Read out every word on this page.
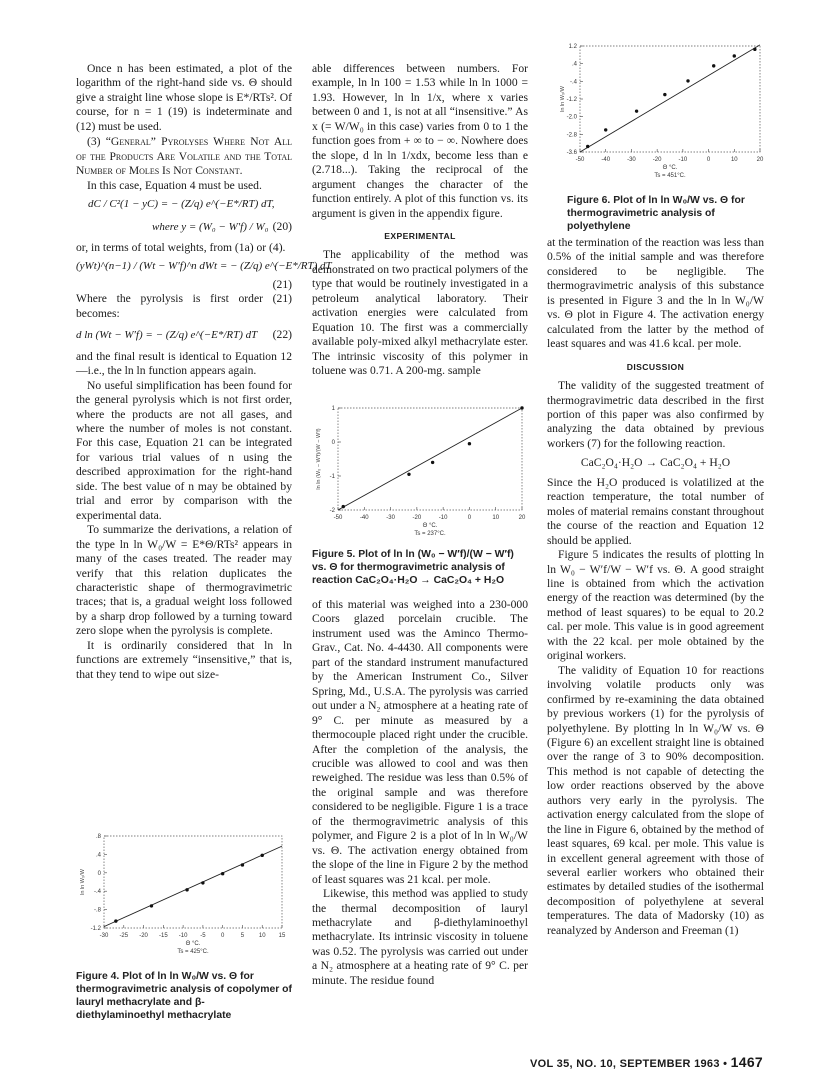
Once n has been estimated, a plot of the logarithm of the right-hand side vs. Θ should give a straight line whose slope is E*/RTs². Of course, for n = 1 (19) is indeterminate and (12) must be used.

(3) “General” Pyrolyses Where Not All of the Products Are Volatile and the Total Number of Moles Is Not Constant.

In this case, Equation 4 must be used.

dC / C²(1 − yC) = − (Z/q) e^(−E*/RT) dT,
where y = (W₀ − W′f) / W₀ (20)

or, in terms of total weights, from (1a) or (4).

(yWt)^(n−1) / (Wt − W′f)^n dWt = − (Z/q) e^(−E*/RT) dT
(21)

Where the pyrolysis is first order (21) becomes:

d ln (Wt − W′f) = − (Z/q) e^(−E*/RT) dT (22)

and the final result is identical to Equation 12—i.e., the ln ln function appears again.

No useful simplification has been found for the general pyrolysis which is not first order, where the products are not all gases, and where the number of moles is not constant. For this case, Equation 21 can be integrated for various trial values of n using the described approximation for the right-hand side. The best value of n may be obtained by trial and error by comparison with the experimental data.

To summarize the derivations, a relation of the type ln ln W₀/W = E*Θ/RTs² appears in many of the cases treated. The reader may verify that this relation duplicates the characteristic shape of thermogravimetric traces; that is, a gradual weight loss followed by a sharp drop followed by a turning toward zero slope when the pyrolysis is complete.

It is ordinarily considered that ln ln functions are extremely “insensitive,” that is, that they tend to wipe out size-

-30 -25 -20 -15 -10 -5	0	5 10 15
.8
.4
0
-.4
-.8
-1.2
ln ln W₀/W
Θ °C.
Ts = 425°C.
Figure 4. Plot of ln ln W₀/W vs. Θ for thermogravimetric analysis of copolymer of lauryl methacrylate and β-diethylaminoethyl methacrylate

able differences between numbers. For example, ln ln 100 = 1.53 while ln ln 1000 = 1.93. However, ln ln 1/x, where x varies between 0 and 1, is not at all “insensitive.” As x (= W/W₀ in this case) varies from 0 to 1 the function goes from + ∞ to − ∞. Nowhere does the slope, d ln ln 1/xdx, become less than e (2.718...). Taking the reciprocal of the argument changes the character of the function entirely. A plot of this function vs. its argument is given in the appendix figure.

EXPERIMENTAL

The applicability of the method was demonstrated on two practical polymers of the type that would be routinely investigated in a petroleum analytical laboratory. Their activation energies were calculated from Equation 10. The first was a commercially available poly-mixed alkyl methacrylate ester. The intrinsic viscosity of this polymer in toluene was 0.71. A 200-mg. sample

-50	-40	-30	-20	-10	0	10	20
1
0
-1
-2
ln ln (W₀ − W′f)/(W − W′f)
Θ °C.
Ts = 237°C.
Figure 5. Plot of ln ln (W₀ − W′f)/(W − W′f) vs. Θ for thermogravimetric analysis of reaction CaC₂O₄·H₂O → CaC₂O₄ + H₂O

of this material was weighed into a 230-000 Coors glazed porcelain crucible. The instrument used was the Aminco Thermo-Grav., Cat. No. 4-4430. All components were part of the standard instrument manufactured by the American Instrument Co., Silver Spring, Md., U.S.A. The pyrolysis was carried out under a N₂ atmosphere at a heating rate of 9° C. per minute as measured by a thermocouple placed right under the crucible. After the completion of the analysis, the crucible was allowed to cool and was then reweighed. The residue was less than 0.5% of the original sample and was therefore considered to be negligible. Figure 1 is a trace of the thermogravimetric analysis of this polymer, and Figure 2 is a plot of ln ln W₀/W vs. Θ. The activation energy obtained from the slope of the line in Figure 2 by the method of least squares was 21 kcal. per mole.

Likewise, this method was applied to study the thermal decomposition of lauryl methacrylate and β-diethylaminoethyl methacrylate. Its intrinsic viscosity in toluene was 0.52. The pyrolysis was carried out under a N₂ atmosphere at a heating rate of 9° C. per minute. The residue found

-50	-40	-30	-20	-10	0	10	20
1.2
.4
-.4
-1.2
-2.0
-2.8
-3.6
ln ln W₀/W
Θ °C.
Ts = 451°C.
Figure 6. Plot of ln ln W₀/W vs. Θ for thermogravimetric analysis of polyethylene

at the termination of the reaction was less than 0.5% of the initial sample and was therefore considered to be negligible. The thermogravimetric analysis of this substance is presented in Figure 3 and the ln ln W₀/W vs. Θ plot in Figure 4. The activation energy calculated from the latter by the method of least squares and was 41.6 kcal. per mole.

DISCUSSION

The validity of the suggested treatment of thermogravimetric data described in the first portion of this paper was also confirmed by analyzing the data obtained by previous workers (7) for the following reaction.

CaC₂O₄·H₂O → CaC₂O₄ + H₂O

Since the H₂O produced is volatilized at the reaction temperature, the total number of moles of material remains constant throughout the course of the reaction and Equation 12 should be applied.

Figure 5 indicates the results of plotting ln ln W₀ − W′f/W − W′f vs. Θ. A good straight line is obtained from which the activation energy of the reaction was determined (by the method of least squares) to be equal to 20.2 cal. per mole. This value is in good agreement with the 22 kcal. per mole obtained by the original workers.

The validity of Equation 10 for reactions involving volatile products only was confirmed by re-examining the data obtained by previous workers (1) for the pyrolysis of polyethylene. By plotting ln ln W₀/W vs. Θ (Figure 6) an excellent straight line is obtained over the range of 3 to 90% decomposition. This method is not capable of detecting the low order reactions observed by the above authors very early in the pyrolysis. The activation energy calculated from the slope of the line in Figure 6, obtained by the method of least squares, 69 kcal. per mole. This value is in excellent general agreement with those of several earlier workers who obtained their estimates by detailed studies of the isothermal decomposition of polyethylene at several temperatures. The data of Madorsky (10) as reanalyzed by Anderson and Freeman (1)

VOL 35, NO. 10, SEPTEMBER 1963 • 1467
